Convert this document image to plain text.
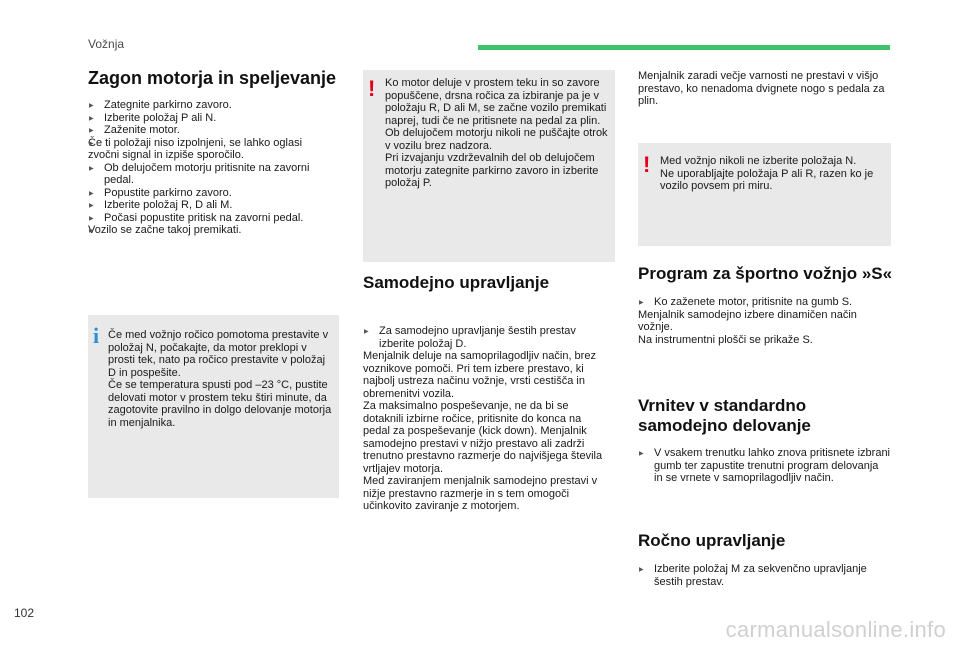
Vožnja
Zagon motorja in speljevanje

▶ Zategnite parkirno zavoro.

▶ Izberite položaj P ali N.

▶ Zaženite motor.

▶ Če ti položaji niso izpolnjeni, se lahko oglasi zvočni signal in izpiše sporočilo.

▶ Ob delujočem motorju pritisnite na zavorni pedal.

▶ Popustite parkirno zavoro.

▶ Izberite položaj R, D ali M.

▶ Počasi popustite pritisk na zavorni pedal.

▶ Vozilo se začne takoj premikati.

i Če med vožnjo ročico pomotoma prestavite v položaj N, počakajte, da motor preklopi v prosti tek, nato pa ročico prestavite v položaj D in pospešite.
Če se temperatura spusti pod –23 °C, pustite delovati motor v prostem teku štiri minute, da zagotovite pravilno in dolgo delovanje motorja in menjalnika.
! Ko motor deluje v prostem teku in so zavore popuščene, drsna ročica za izbiranje pa je v položaju R, D ali M, se začne vozilo premikati naprej, tudi če ne pritisnete na pedal za plin.
Ob delujočem motorju nikoli ne puščajte otrok v vozilu brez nadzora.
Pri izvajanju vzdrževalnih del ob delujočem motorju zategnite parkirno zavoro in izberite položaj P.
Samodejno upravljanje

▶ Za samodejno upravljanje šestih prestav izberite položaj D.

Menjalnik deluje na samoprilagodljiv način, brez voznikove pomoči. Pri tem izbere prestavo, ki najbolj ustreza načinu vožnje, vrsti cestišča in obremenitvi vozila.
Za maksimalno pospeševanje, ne da bi se dotaknili izbirne ročice, pritisnite do konca na pedal za pospeševanje (kick down). Menjalnik samodejno prestavi v nižjo prestavo ali zadrži trenutno prestavno razmerje do najvišjega števila vrtljajev motorja.
Med zaviranjem menjalnik samodejno prestavi v nižje prestavno razmerje in s tem omogoči učinkovito zaviranje z motorjem.

Menjalnik zaradi večje varnosti ne prestavi v višjo prestavo, ko nenadoma dvignete nogo s pedala za plin.
! Med vožnjo nikoli ne izberite položaja N.
Ne uporabljajte položaja P ali R, razen ko je vozilo povsem pri miru.
Program za športno vožnjo »S«

▶ Ko zaženete motor, pritisnite na gumb S.

Menjalnik samodejno izbere dinamičen način vožnje.
Na instrumentni plošči se prikaže S.

Vrnitev v standardno
samodejno delovanje

▶ V vsakem trenutku lahko znova pritisnete izbrani gumb ter zapustite trenutni program delovanja in se vrnete v samoprilagodljiv način.

Ročno upravljanje

▶ Izberite položaj M za sekvenčno upravljanje šestih prestav.

102
carmanualsonline.info
